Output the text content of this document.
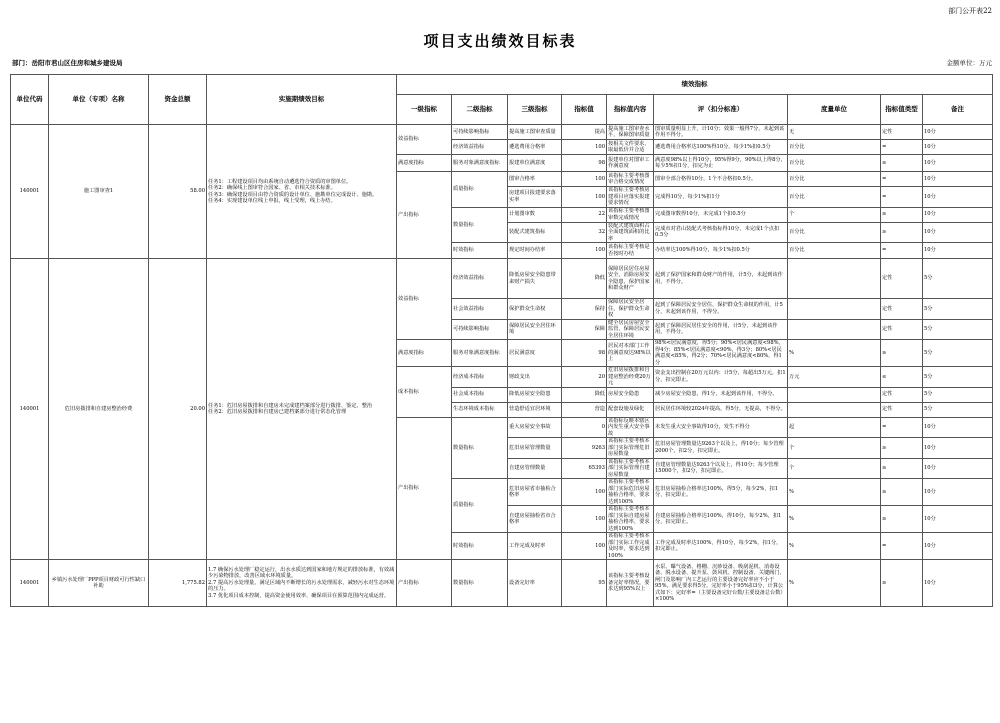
部门公开表22
项目支出绩效目标表
部门：岳阳市君山区住房和城乡建设局	金额单位：万元
单位代码	单位（专项）名称	资金总额	实施期绩效目标	绩效指标								
				一级指标	二级指标	三级指标	指标值	指标值内容	评（扣分标准）	度量单位	指标值类型	备注
140001	施工图审查1	58.00	任务1：工程建设项目均由系统自动遴选符合资质的审图单位。
任务2：确保线上图审符合国家、省、市相关技术标准。
任务3：确保建设项目由符合资质的设计单位、施勘单位完成设计、施勘。
任务4：实现建设单位线上申报，线上受理，线上办结。	效益指标	可持续影响指标	提高施工图审查质量	提高	提高施工图审查水平，保障图审质量	图审质量明显上升，计10分；效果一般得7分，未起到该作用不得分。	无	定性	10分
					经济效益指标	遴选费用合格率	100	按相关文件要求，取最低价并合适	遴选费用合格率达100%得10分，每少1%扣0.5分	百分比	=	10分
				满意度指标	服务对象满意度指标	报建单位满意度	98	报建单位对图审工作满意度	满意度98%以上得10分，95%得9分，90%以上得8分，每少5%扣1分，扣完为止	百分比	≥	10分
				产出指标	质量指标	图审合格率	100	该指标主要考核图审合格交成情况	图审全部合格得10分，1个不合格扣0.5分。	百分比	=	10分
						房建项目报建要求落实率	100	该指标主要考核房建项目应落实报建要求情况	完成得10分，每少1%扣1分	百分比	=	10分
					数量指标	计划图审数	22	该指标主要考核图审数完成情况	完成图审数得10分，未完成1个扣0.5分	个	≥	10分
						装配式建筑指标	32	装配式建筑面积占全面建筑面积的比率	完成市对君山装配式考核指标得10分，未完成1个点扣0.5分	百分比	≥	10分
					时效指标	规定时间办结率	100	该指标主要考核是否按时办结	办结率达100%得10分，每少1%扣0.5分	百分比	=	10分
140001	危旧房拨排和自建房整治经费	20.00	任务1：危旧房屋拨排和自建房未完成建档案部分进行拨排、鉴定、整治
任务2：危旧房屋拨排和自建房已建档案部分进行常态化管理	效益指标	经济效益指标	降低房屋安全隐患带来财产损失	降低	保障居民居住房屋安全，消除房屋安全隐患，保护国家和群众财产	起到了保护国家和群众财产的作用，计5分，未起到该作用，不得分。		定性	5分
					社会效益指标	保护群众生命权	保持	保障居民安全居住，保护群众生命权	起到了保障居民安全居住，保护群众生命权的作用，计5分，未起到该作用，不得分。		定性	5分
					可持续影响指标	保障居民安全居住环境	保障	健全居民房屋安全监管，保障居民安全居住环境	起到了保障居民居住安全的作用，计5分，未起到该作用，不得分。		定性	5分
				满意度指标	服务对象满意度指标	居民满意度	98	居民对本部门工作的满意度达98%以上	98%<居民满意度，得5分；90%<居民满意度<98%，得4分；85%<居民满意度<90%，得3分；80%<居民满意度<85%，得2分；70%<居民满意度<80%，得1分	%	≥	5分
				成本指标	经济成本指标	财政支出	20	危旧房屋拨排和自建房整治经费20万元	资金支出控制在20万元以内：计5分，每超出5万元，扣1分，扣完即止。	万元	≤	5分
					社会成本指标	降低房屋安全隐患	降低	房屋安全隐患	减少房屋安全隐患，得1分，未起到该作用，不得分。		定性	5分
					生态环境成本指标	营造舒适宜居环境	营造	配套设施及绿化	居民居住环境较2024年提高，得5分，无提高，不得分。		定性	5分
				产出指标	数量指标	重大房屋安全事故	0	该指标反映本辖区内发生重大安全事故	未发生重大安全事故得10分，发生不得分	起	=	10分
						危旧房屋管理数量	9263	该指标主要考核本部门实际管理危旧房屋数量	危旧房屋管理数量达9263个以及上，得10分；每少管理2000个，扣2分，扣完即止。	个	≥	10分
						自建房管理数量	65393	该指标主要考核本部门实际管理自建房屋数量	自建房管理数量达9263个以及上，得10分；每少管理15000个，扣2分，扣完即止。	个	≥	10分
					质量指标	危旧房屋省市抽检合格率	100	该指标主要考核本部门实际危旧房屋抽检合格率，要求达到100%	危旧房屋抽检合格率达100%，得5分，每少2%，扣1分，扣完即止。	%	≥	10分
						自建房屋抽检省市合格率	100	该指标主要考核本部门实际自建房屋抽检合格率，要求达到100%	自建房屋抽检合格率达100%，得10分，每少2%，扣1分，扣完即止。	%	≥	10分
					时效指标	工作完成及时率	100	该指标主要考核本部门实际工作完成及时率，要求达到100%	工作完成及时率达100%，得10分，每少2%，扣1分，扣完即止。	%	=	10分
140001	乡镇污水处理厂PPP项目财政可行性缺口补助	1,775.82	1.7 确保污水处理厂稳定运行，出水水质达到国家和地方规定的排放标准，有效减少污染物排放，改善区域水环境质量。
2.7 提高污水处理量，满足区域内不断增长的污水处理需求，减轻污水对生态环境的压力。
3.7 优化项目成本控制，提高资金使用效率，确保项目在预算范围内完成运营。	产出指标	数量指标	设备完好率	95	该指标主要考核设备完好率情况，要求达到95%以上	水泵、曝气设备、格栅、沉砂设备、吸刮泥机、消毒设备、脱水设备、提升泵、鼓风机、控制设备、关键阀门、闸门及影响厂内工艺运行的主要设备完好率应不小于95%，满足要求得5分。完好率小于95%扣3分，计算公式如下：完好率=（主要设备完好台数/主要设备总台数）×100%	%	≥	10分
